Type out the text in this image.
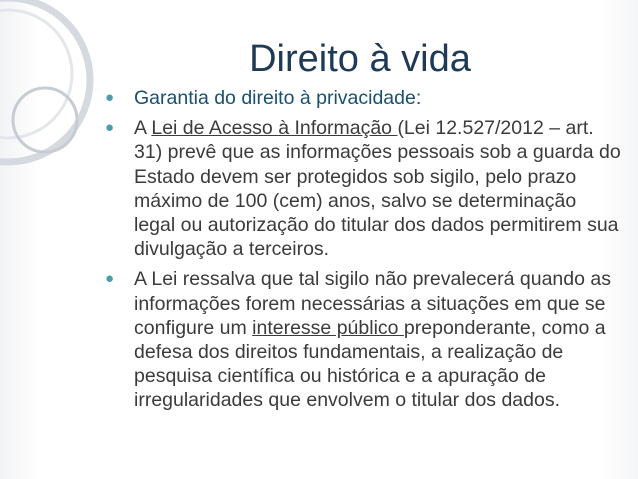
Direito à vida
● Garantia do direito à privacidade:
● A Lei de Acesso à Informação (Lei 12.527/2012 – art. 31) prevê que as informações pessoais sob a guarda do Estado devem ser protegidos sob sigilo, pelo prazo máximo de 100 (cem) anos, salvo se determinação legal ou autorização do titular dos dados permitirem sua divulgação a terceiros.
● A Lei ressalva que tal sigilo não prevalecerá quando as informações forem necessárias a situações em que se configure um interesse público preponderante, como a defesa dos direitos fundamentais, a realização de pesquisa científica ou histórica e a apuração de irregularidades que envolvem o titular dos dados.
